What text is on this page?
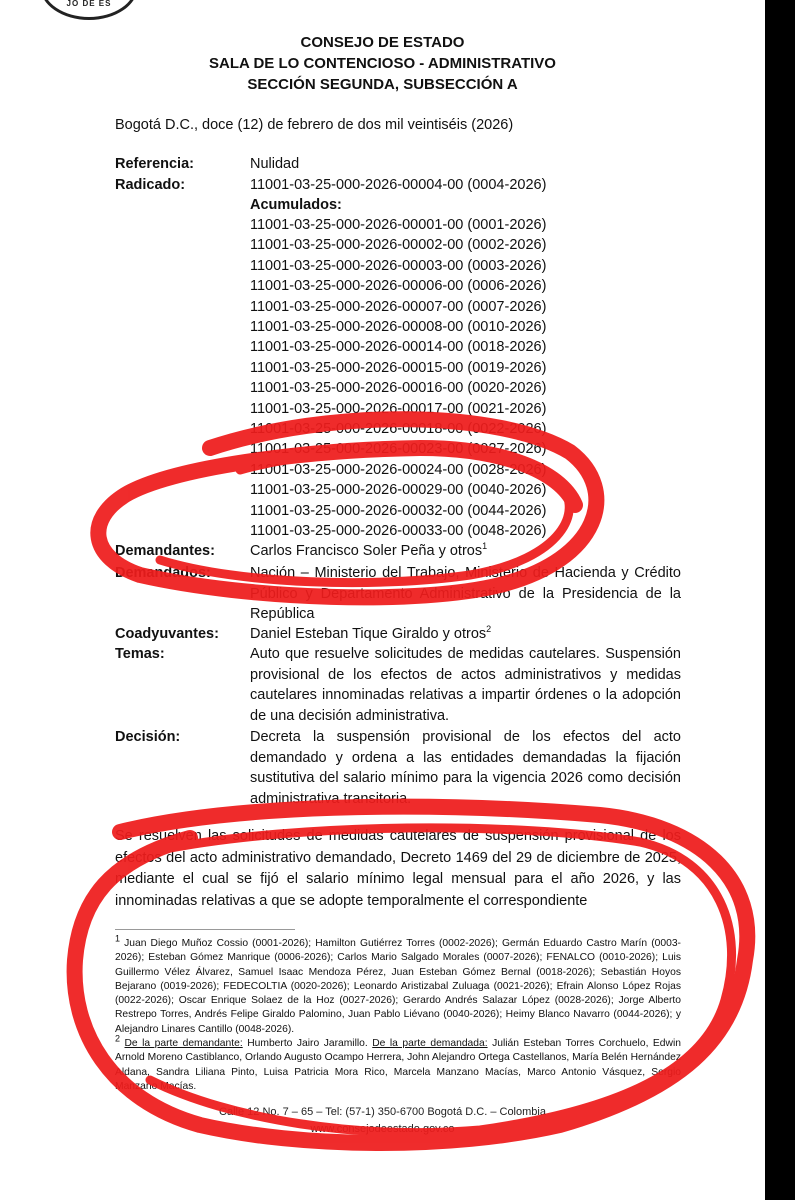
JO DE ES
CONSEJO DE ESTADO
SALA DE LO CONTENCIOSO - ADMINISTRATIVO
SECCIÓN SEGUNDA, SUBSECCIÓN A
Bogotá D.C., doce (12) de febrero de dos mil veintiséis (2026)
Referencia:	Nulidad
Radicado:	11001-03-25-000-2026-00004-00 (0004-2026)
Acumulados:
11001-03-25-000-2026-00001-00 (0001-2026)
11001-03-25-000-2026-00002-00 (0002-2026)
11001-03-25-000-2026-00003-00 (0003-2026)
11001-03-25-000-2026-00006-00 (0006-2026)
11001-03-25-000-2026-00007-00 (0007-2026)
11001-03-25-000-2026-00008-00 (0010-2026)
11001-03-25-000-2026-00014-00 (0018-2026)
11001-03-25-000-2026-00015-00 (0019-2026)
11001-03-25-000-2026-00016-00 (0020-2026)
11001-03-25-000-2026-00017-00 (0021-2026)
11001-03-25-000-2026-00018-00 (0022-2026)
11001-03-25-000-2026-00023-00 (0027-2026)
11001-03-25-000-2026-00024-00 (0028-2026)
11001-03-25-000-2026-00029-00 (0040-2026)
11001-03-25-000-2026-00032-00 (0044-2026)
11001-03-25-000-2026-00033-00 (0048-2026)
Demandantes: Carlos Francisco Soler Peña y otros$^1$
Demandados:	Nación – Ministerio del Trabajo, Ministerio de Hacienda y Crédito Público y Departamento Administrativo de la Presidencia de la República
Coadyuvantes: Daniel Esteban Tique Giraldo y otros$^2$
Temas:	Auto que resuelve solicitudes de medidas cautelares. Suspensión provisional de los efectos de actos administrativos y medidas cautelares innominadas relativas a impartir órdenes o la adopción de una decisión administrativa.
Decisión:	Decreta la suspensión provisional de los efectos del acto demandado y ordena a las entidades demandadas la fijación sustitutiva del salario mínimo para la vigencia 2026 como decisión administrativa transitoria.
Se resuelven las solicitudes de medidas cautelares de suspensión provisional de los efectos del acto administrativo demandado, Decreto 1469 del 29 de diciembre de 2025, mediante el cual se fijó el salario mínimo legal mensual para el año 2026, y las innominadas relativas a que se adopte temporalmente el correspondiente
$^1$ Juan Diego Muñoz Cossio (0001-2026); Hamilton Gutiérrez Torres (0002-2026); Germán Eduardo Castro Marín (0003-2026); Esteban Gómez Manrique (0006-2026); Carlos Mario Salgado Morales (0007-2026); FENALCO (0010-2026); Luis Guillermo Vélez Álvarez, Samuel Isaac Mendoza Pérez, Juan Esteban Gómez Bernal (0018-2026); Sebastián Hoyos Bejarano (0019-2026); FEDECOLTIA (0020-2026); Leonardo Aristizabal Zuluaga (0021-2026); Efrain Alonso López Rojas (0022-2026); Oscar Enrique Solaez de la Hoz (0027-2026); Gerardo Andrés Salazar López (0028-2026); Jorge Alberto Restrepo Torres, Andrés Felipe Giraldo Palomino, Juan Pablo Liévano (0040-2026); Heimy Blanco Navarro (0044-2026); y Alejandro Linares Cantillo (0048-2026).
$^2$ De la parte demandante: Humberto Jairo Jaramillo. De la parte demandada: Julián Esteban Torres Corchuelo, Edwin Arnold Moreno Castiblanco, Orlando Augusto Ocampo Herrera, John Alejandro Ortega Castellanos, María Belén Hernández Aldana, Sandra Liliana Pinto, Luisa Patricia Mora Rico, Marcela Manzano Macías, Marco Antonio Vásquez, Sergio Manzano Macías.
Calle 12 No. 7 – 65 – Tel: (57-1) 350-6700 Bogotá D.C. – Colombia
www.consejodeestado.gov.co
